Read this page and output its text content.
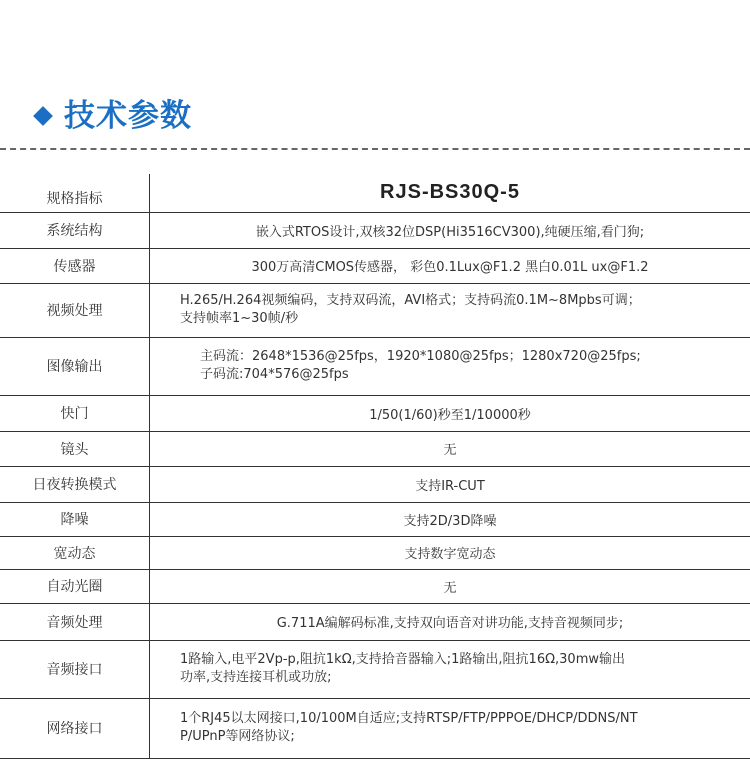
技术参数
规格指标	RJS-BS30Q-5
系统结构	嵌入式RTOS设计,双核32位DSP(Hi3516CV300),纯硬压缩,看门狗;

传感器	300万高清CMOS传感器， 彩色0.1Lux@F1.2 黑白0.01L ux@F1.2

视频处理	H.265/H.264视频编码，支持双码流，AVI格式；支持码流0.1M~8Mpbs可调；
支持帧率1~30帧/秒

图像输出	主码流：2648*1536@25fps，1920*1080@25fps；1280x720@25fps;
子码流:704*576@25fps

快门	1/50(1/60)秒至1/10000秒

镜头	无

日夜转换模式	支持IR-CUT

降噪	支持2D/3D降噪

宽动态	支持数字宽动态

自动光圈	无

音频处理	G.711A编解码标准,支持双向语音对讲功能,支持音视频同步;

音频接口	1路输入,电平2Vp-p,阻抗1kΩ,支持拾音器输入;1路输出,阻抗16Ω,30mw输出
功率,支持连接耳机或功放;

网络接口	1个RJ45以太网接口,10/100M自适应;支持RTSP/FTP/PPPOE/DHCP/DDNS/NT
P/UPnP等网络协议;
